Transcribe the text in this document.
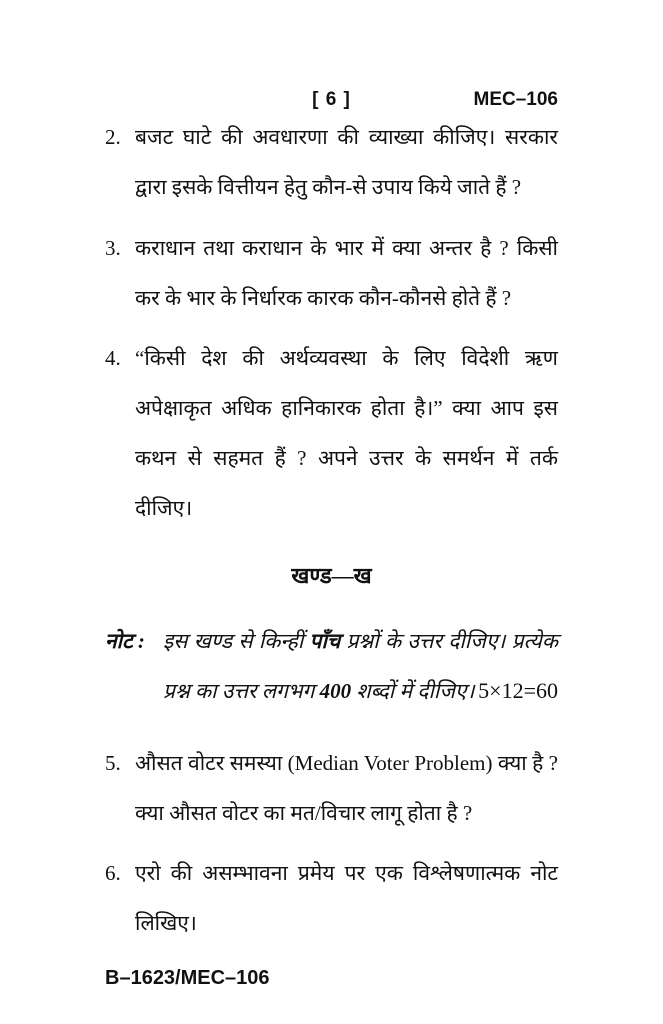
[ 6 ]	MEC–106
2. बजट घाटे की अवधारणा की व्याख्या कीजिए। सरकार द्वारा इसके वित्तीयन हेतु कौन-से उपाय किये जाते हैं ?
3. कराधान तथा कराधान के भार में क्या अन्तर है ? किसी कर के भार के निर्धारक कारक कौन-कौनसे होते हैं ?
4. “किसी देश की अर्थव्यवस्था के लिए विदेशी ऋण अपेक्षाकृत अधिक हानिकारक होता है।” क्या आप इस कथन से सहमत हैं ? अपने उत्तर के समर्थन में तर्क दीजिए।
खण्ड—ख
नोट : इस खण्ड से किन्हीं पाँच प्रश्नों के उत्तर दीजिए। प्रत्येक प्रश्न का उत्तर लगभग 400 शब्दों में दीजिए। 5×12=60
5. औसत वोटर समस्या (Median Voter Problem) क्या है ? क्या औसत वोटर का मत/विचार लागू होता है ?
6. एरो की असम्भावना प्रमेय पर एक विश्लेषणात्मक नोट लिखिए।
B–1623/MEC–106
